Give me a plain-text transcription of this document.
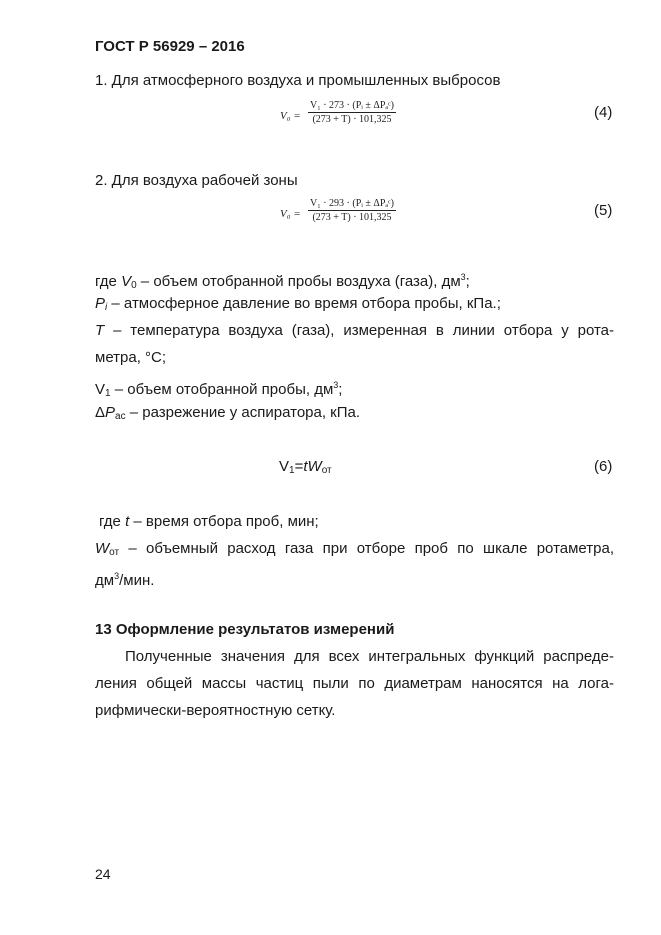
ГОСТ Р 56929 – 2016
1. Для атмосферного воздуха и промышленных выбросов
V₀ =
V₁ · 273 · (Pᵢ ± ΔPₐᶜ)
(273 + T) · 101,325	(4)
2. Для воздуха рабочей зоны
V₀ =
V₁ · 293 · (Pᵢ ± ΔPₐᶜ)
(273 + T) · 101,325	(5)
где $V_0$ – объем отобранной пробы воздуха (газа), $дм^3$;
$P_i$ – атмосферное давление во время отбора пробы, кПа.;
T – температура воздуха (газа), измеренная в линии отбора у рота-
метра, °С;
$V_1$ – объем отобранной пробы, $дм^3$;
$\Delta P_{ас}$ – разрежение у аспиратора, кПа.
$V_1=tW_{от}$	(6)
где t – время отбора проб, мин;
$W_{от}$ – объемный расход газа при отборе проб по шкале ротаметра,
$дм^3$/мин.
13 Оформление результатов измерений
Полученные значения для всех интегральных функций распреде-
ления общей массы частиц пыли по диаметрам наносятся на лога-
рифмически-вероятностную сетку.
24
